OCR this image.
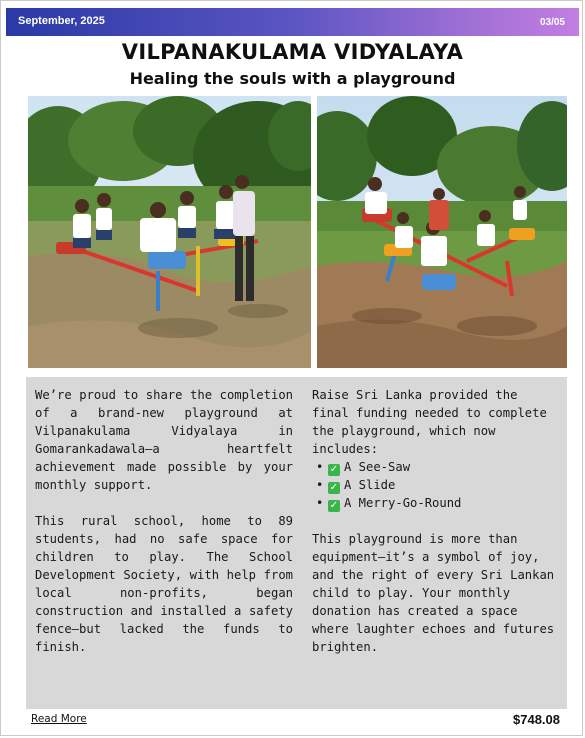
September, 2025	03/05
VILPANAKULAMA VIDYALAYA
Healing the souls with a playground

We’re proud to share the completion of a brand-new playground at Vilpanakulama Vidyalaya in Gomarankadawala—a heartfelt achievement made possible by your monthly support.

This rural school, home to 89 students, had no safe space for children to play. The School Development Society, with help from local non-profits, began construction and installed a safety fence—but lacked the funds to finish.

Raise Sri Lanka provided the final funding needed to complete the playground, which now includes:

• ✓ A See-Saw
• ✓ A Slide
• ✓ A Merry-Go-Round

This playground is more than equipment—it’s a symbol of joy, and the right of every Sri Lankan child to play. Your monthly donation has created a space where laughter echoes and futures brighten.

Read More	$748.08
